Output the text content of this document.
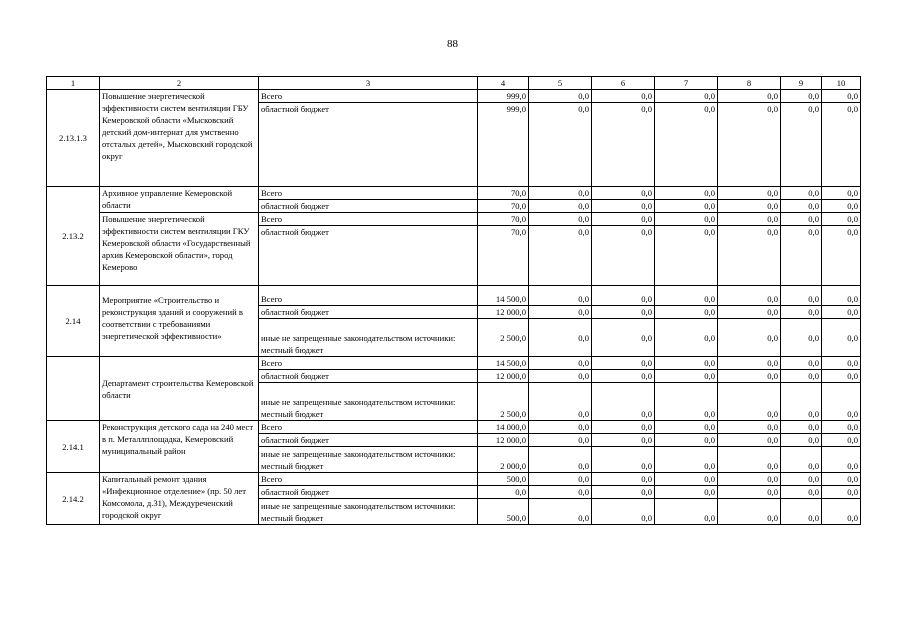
88
1	2	3	4	5	6	7	8	9	10
2.13.1.3	Повышение энергетической эффективности систем вентиляции ГБУ Кемеровской области «Мысковский детский дом-интернат для умственно отсталых детей», Мысковский городской округ	Всего	999,0	0,0	0,0	0,0	0,0	0,0	0,0
		областной бюджет	999,0	0,0	0,0	0,0	0,0	0,0	0,0
2.13.2	Архивное управление Кемеровской области	Всего	70,0	0,0	0,0	0,0	0,0	0,0	0,0
		областной бюджет	70,0	0,0	0,0	0,0	0,0	0,0	0,0
	Повышение энергетической эффективности систем вентиляции ГКУ Кемеровской области «Государственный архив Кемеровской области», город Кемерово	Всего	70,0	0,0	0,0	0,0	0,0	0,0	0,0
		областной бюджет	70,0	0,0	0,0	0,0	0,0	0,0	0,0
2.14	Мероприятие «Строительство и реконструкция зданий и сооружений в соответствии с требованиями энергетической эффективности»	Всего	14 500,0	0,0	0,0	0,0	0,0	0,0	0,0
		областной бюджет	12 000,0	0,0	0,0	0,0	0,0	0,0	0,0
		иные не запрещенные законодательством источники: местный бюджет	2 500,0	0,0	0,0	0,0	0,0	0,0	0,0
	Департамент строительства Кемеровской области	Всего	14 500,0	0,0	0,0	0,0	0,0	0,0	0,0
		областной бюджет	12 000,0	0,0	0,0	0,0	0,0	0,0	0,0
		иные не запрещенные законодательством источники: местный бюджет	2 500,0	0,0	0,0	0,0	0,0	0,0	0,0
2.14.1	Реконструкция детского сада на 240 мест в п. Металлплощадка, Кемеровский муниципальный район	Всего	14 000,0	0,0	0,0	0,0	0,0	0,0	0,0
		областной бюджет	12 000,0	0,0	0,0	0,0	0,0	0,0	0,0
		иные не запрещенные законодательством источники: местный бюджет	2 000,0	0,0	0,0	0,0	0,0	0,0	0,0
2.14.2	Капитальный ремонт здания «Инфекционное отделение» (пр. 50 лет Комсомола, д.31), Междуреченский городской округ	Всего	500,0	0,0	0,0	0,0	0,0	0,0	0,0
		областной бюджет	0,0	0,0	0,0	0,0	0,0	0,0	0,0
		иные не запрещенные законодательством источники: местный бюджет	500,0	0,0	0,0	0,0	0,0	0,0	0,0
